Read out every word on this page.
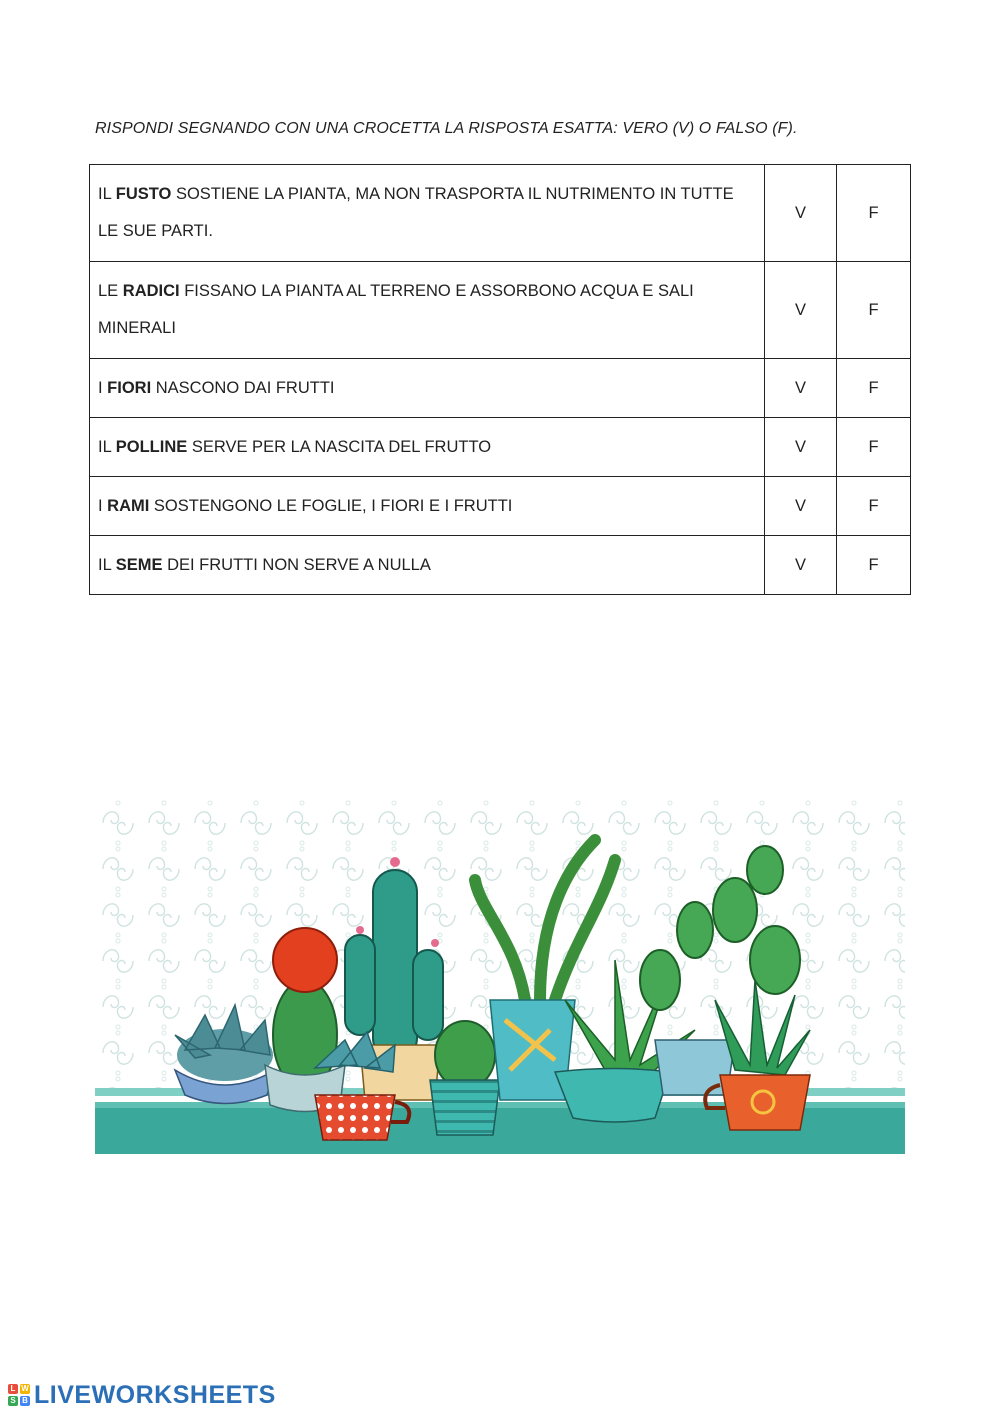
RISPONDI SEGNANDO CON UNA CROCETTA LA RISPOSTA ESATTA: VERO (V) O FALSO (F).
IL FUSTO SOSTIENE LA PIANTA, MA NON TRASPORTA IL NUTRIMENTO IN TUTTE LE SUE PARTI.	V	F
LE RADICI FISSANO LA PIANTA AL TERRENO E ASSORBONO ACQUA E SALI MINERALI	V	F
I FIORI NASCONO DAI FRUTTI	V	F
IL POLLINE SERVE PER LA NASCITA DEL FRUTTO	V	F
I RAMI SOSTENGONO LE FOGLIE, I FIORI E I FRUTTI	V	F
IL SEME DEI FRUTTI NON SERVE A NULLA	V	F
L W
S B LIVEWORKSHEETS
